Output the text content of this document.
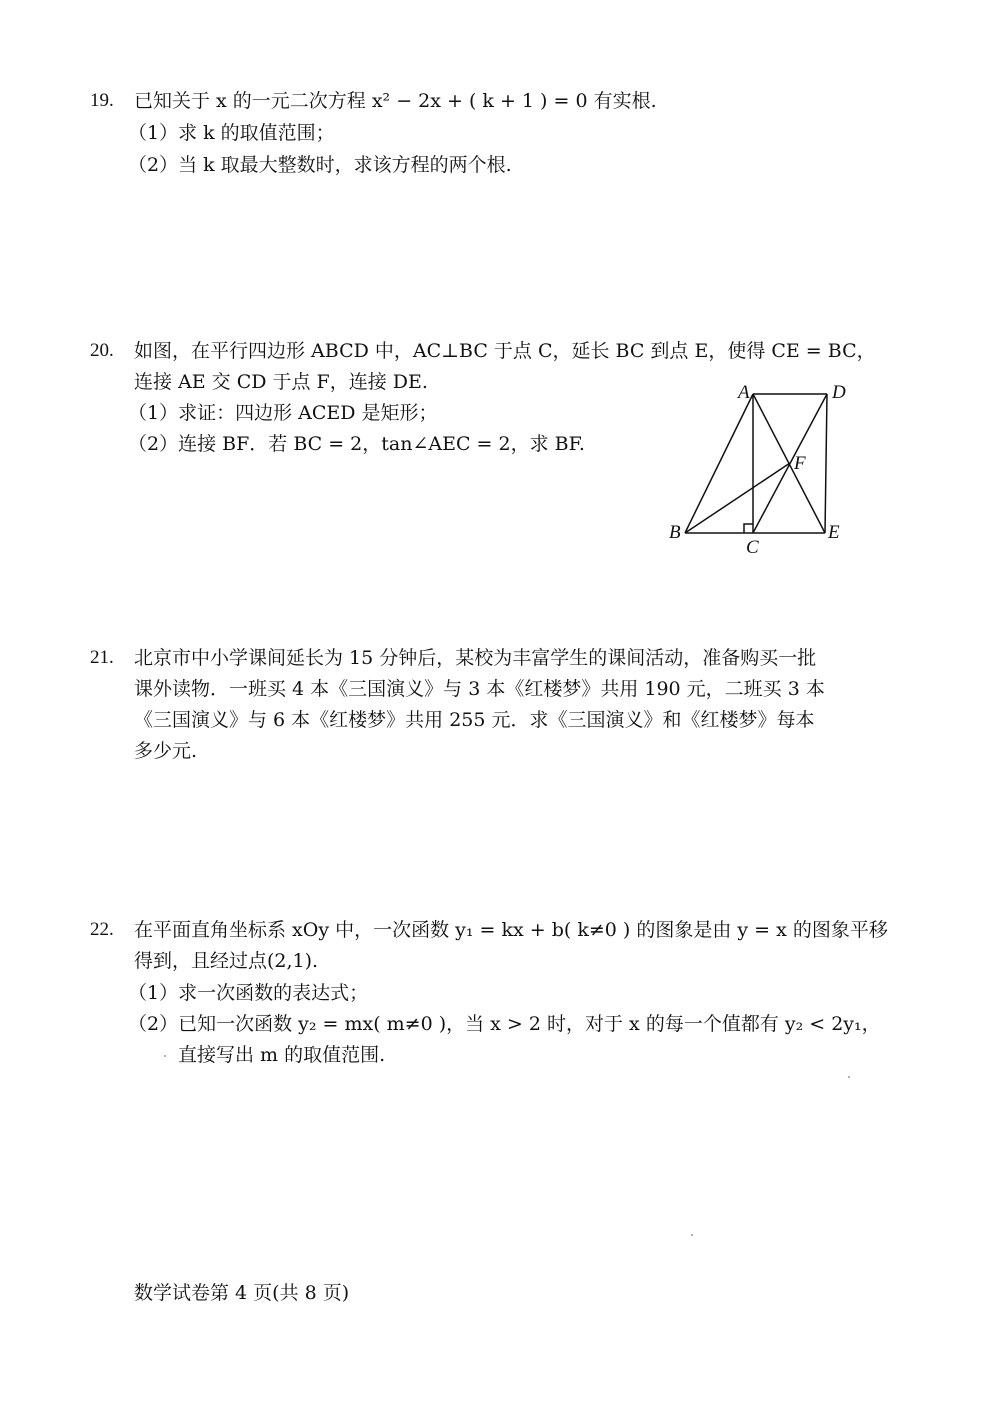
19. 已知关于 x 的一元二次方程 x² − 2x + ( k + 1 ) = 0 有实根.
（1）求 k 的取值范围；
（2）当 k 取最大整数时，求该方程的两个根.
20. 如图，在平行四边形 ABCD 中，AC⊥BC 于点 C，延长 BC 到点 E，使得 CE = BC，
连接 AE 交 CD 于点 F，连接 DE.
（1）求证：四边形 ACED 是矩形；
（2）连接 BF．若 BC = 2，tan∠AEC = 2，求 BF.
A	D
F
B
C
E
21. 北京市中小学课间延长为 15 分钟后，某校为丰富学生的课间活动，准备购买一批
课外读物．一班买 4 本《三国演义》与 3 本《红楼梦》共用 190 元，二班买 3 本
《三国演义》与 6 本《红楼梦》共用 255 元．求《三国演义》和《红楼梦》每本
多少元.
22. 在平面直角坐标系 xOy 中，一次函数 y₁ = kx + b( k≠0 ) 的图象是由 y = x 的图象平移
得到，且经过点(2,1).
（1）求一次函数的表达式；
（2）已知一次函数 y₂ = mx( m≠0 )，当 x > 2 时，对于 x 的每一个值都有 y₂ < 2y₁，
直接写出 m 的取值范围.
数学试卷第 4 页(共 8 页)
